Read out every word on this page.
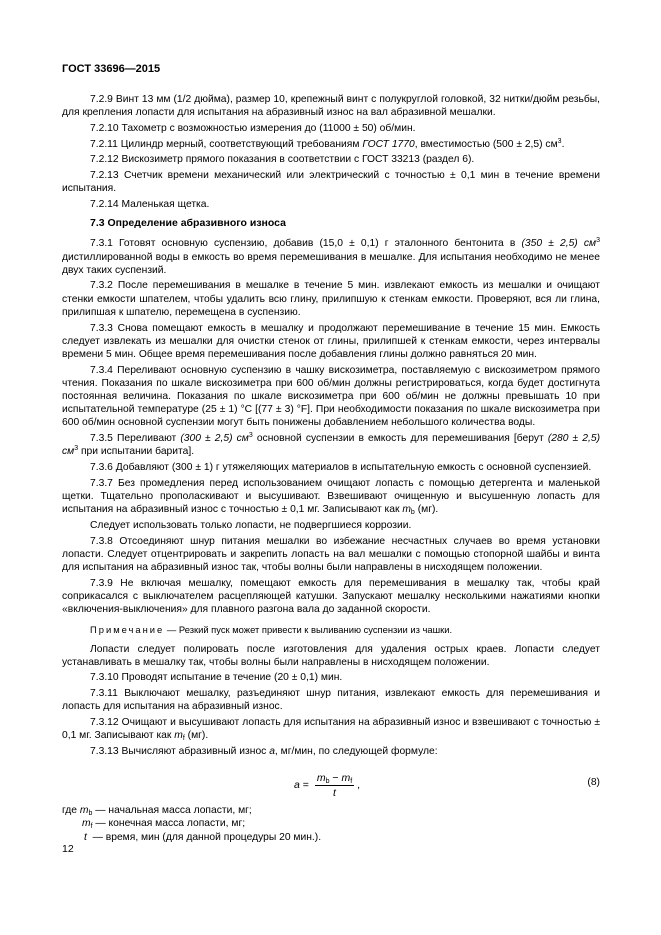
ГОСТ 33696—2015

7.2.9 Винт 13 мм (1/2 дюйма), размер 10, крепежный винт с полукруглой головкой, 32 нитки/дюйм резьбы, для крепления лопасти для испытания на абразивный износ на вал абразивной мешалки.

7.2.10 Тахометр с возможностью измерения до (11000 ± 50) об/мин.

7.2.11 Цилиндр мерный, соответствующий требованиям ГОСТ 1770, вместимостью (500 ± 2,5) $см^3$.

7.2.12 Вискозиметр прямого показания в соответствии с ГОСТ 33213 (раздел 6).

7.2.13 Счетчик времени механический или электрический с точностью ± 0,1 мин в течение времени испытания.

7.2.14 Маленькая щетка.

7.3 Определение абразивного износа

7.3.1 Готовят основную суспензию, добавив (15,0 ± 0,1) г эталонного бентонита в (350 ± 2,5) $см^3$ дистиллированной воды в емкость во время перемешивания в мешалке. Для испытания необходимо не менее двух таких суспензий.

7.3.2 После перемешивания в мешалке в течение 5 мин. извлекают емкость из мешалки и очищают стенки емкости шпателем, чтобы удалить всю глину, прилипшую к стенкам емкости. Проверяют, вся ли глина, прилипшая к шпателю, перемещена в суспензию.

7.3.3 Снова помещают емкость в мешалку и продолжают перемешивание в течение 15 мин. Емкость следует извлекать из мешалки для очистки стенок от глины, прилипшей к стенкам емкости, через интервалы времени 5 мин. Общее время перемешивания после добавления глины должно равняться 20 мин.

7.3.4 Переливают основную суспензию в чашку вискозиметра, поставляемую с вискозиметром прямого чтения. Показания по шкале вискозиметра при 600 об/мин должны регистрироваться, когда будет достигнута постоянная величина. Показания по шкале вискозиметра при 600 об/мин не должны превышать 10 при испытательной температуре (25 ± 1) °С [(77 ± 3) °F]. При необходимости показания по шкале вискозиметра при 600 об/мин основной суспензии могут быть понижены добавлением небольшого количества воды.

7.3.5 Переливают (300 ± 2,5) $см^3$ основной суспензии в емкость для перемешивания [берут (280 ± 2,5) $см^3$ при испытании барита].

7.3.6 Добавляют (300 ± 1) г утяжеляющих материалов в испытательную емкость с основной суспензией.

7.3.7 Без промедления перед использованием очищают лопасть с помощью детергента и маленькой щетки. Тщательно прополаскивают и высушивают. Взвешивают очищенную и высушенную лопасть для испытания на абразивный износ с точностью ± 0,1 мг. Записывают как $m_b$ (мг).

Следует использовать только лопасти, не подвергшиеся коррозии.

7.3.8 Отсоединяют шнур питания мешалки во избежание несчастных случаев во время установки лопасти. Следует отцентрировать и закрепить лопасть на вал мешалки с помощью стопорной шайбы и винта для испытания на абразивный износ так, чтобы волны были направлены в нисходящем положении.

7.3.9 Не включая мешалку, помещают емкость для перемешивания в мешалку так, чтобы край соприкасался с выключателем расцепляющей катушки. Запускают мешалку несколькими нажатиями кнопки «включения-выключения» для плавного разгона вала до заданной скорости.

Примечание — Резкий пуск может привести к выливанию суспензии из чашки.

Лопасти следует полировать после изготовления для удаления острых краев. Лопасти следует устанавливать в мешалку так, чтобы волны были направлены в нисходящем положении.

7.3.10 Проводят испытание в течение (20 ± 0,1) мин.

7.3.11 Выключают мешалку, разъединяют шнур питания, извлекают емкость для перемешивания и лопасть для испытания на абразивный износ.

7.3.12 Очищают и высушивают лопасть для испытания на абразивный износ и взвешивают с точностью ± 0,1 мг. Записывают как $m_f$ (мг).

7.3.13 Вычисляют абразивный износ a, мг/мин, по следующей формуле:

$a = \frac{m_b - m_f}{t}$ ,	(8)
где $m_b$ — начальная масса лопасти, мг;
$m_f$ — конечная масса лопасти, мг;
t  — время, мин (для данной процедуры 20 мин.).
12
